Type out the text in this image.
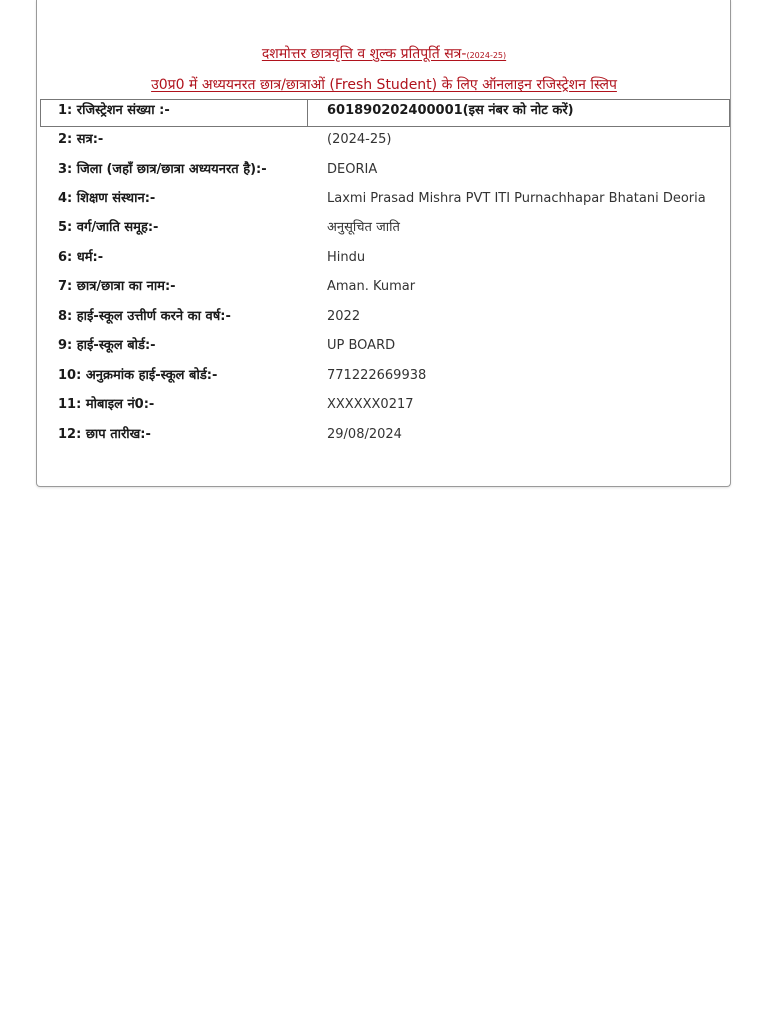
दशमोत्तर छात्रवृत्ति व शुल्क प्रतिपूर्ति सत्र-(2024-25)
उ0प्र0 में अध्ययनरत छात्र/छात्राओं (Fresh Student) के लिए ऑनलाइन रजिस्ट्रेशन स्लिप
1: रजिस्ट्रेशन संख्या :-	601890202400001(इस नंबर को नोट करें)
2: सत्र:-	(2024-25)
3: जिला (जहाँ छात्र/छात्रा अध्ययनरत है):-	DEORIA
4: शिक्षण संस्थान:-	Laxmi Prasad Mishra PVT ITI Purnachhapar Bhatani Deoria
5: वर्ग/जाति समूह:-	अनुसूचित जाति
6: धर्म:-	Hindu
7: छात्र/छात्रा का नाम:-	Aman. Kumar
8: हाई-स्कूल उत्तीर्ण करने का वर्ष:-	2022
9: हाई-स्कूल बोर्ड:-	UP BOARD
10: अनुक्रमांक हाई-स्कूल बोर्ड:-	771222669938
11: मोबाइल नं0:-	XXXXXX0217
12: छाप तारीख:-	29/08/2024
